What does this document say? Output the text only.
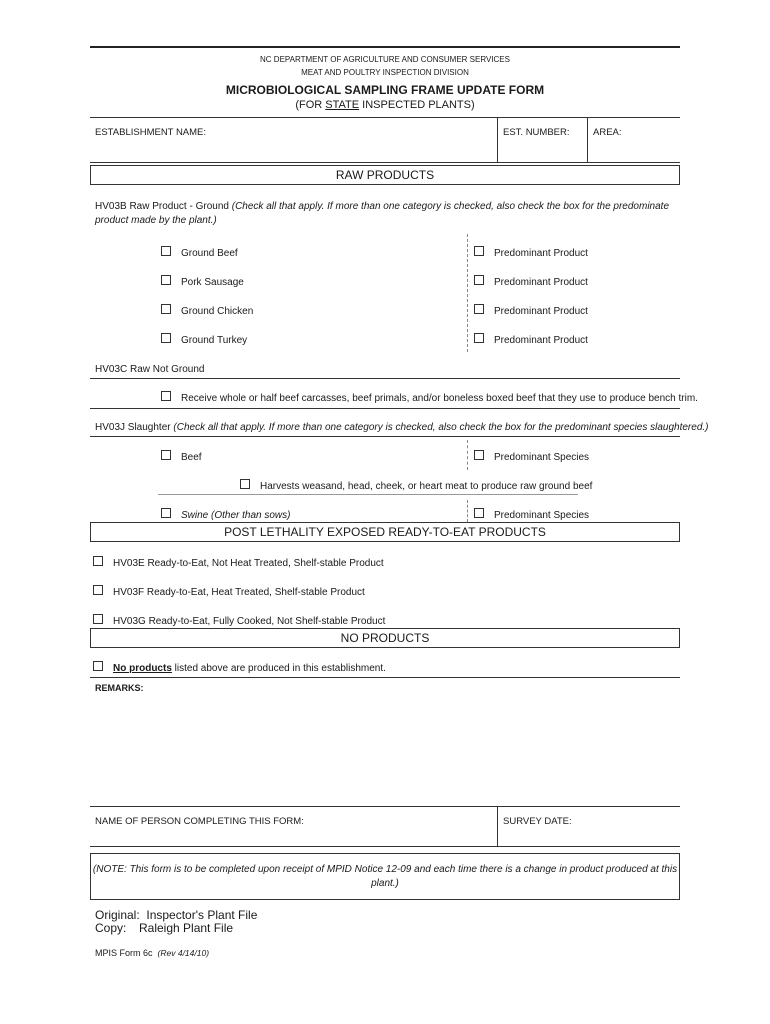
NC DEPARTMENT OF AGRICULTURE AND CONSUMER SERVICES
MEAT AND POULTRY INSPECTION DIVISION
MICROBIOLOGICAL SAMPLING FRAME UPDATE FORM
(FOR STATE INSPECTED PLANTS)
ESTABLISHMENT NAME:	EST. NUMBER: AREA:
RAW PRODUCTS
HV03B Raw Product - Ground (Check all that apply. If more than one category is checked, also check the box for the predominate product made by the plant.)
Ground Beef	Predominant Product
Pork Sausage	Predominant Product
Ground Chicken	Predominant Product
Ground Turkey	Predominant Product
HV03C Raw Not Ground
Receive whole or half beef carcasses, beef primals, and/or boneless boxed beef that they use to produce bench trim.
HV03J Slaughter (Check all that apply. If more than one category is checked, also check the box for the predominant species slaughtered.)
Beef	Predominant Species
Harvests weasand, head, cheek, or heart meat to produce raw ground beef
Swine (Other than sows)	Predominant Species
POST LETHALITY EXPOSED READY-TO-EAT PRODUCTS
HV03E Ready-to-Eat, Not Heat Treated, Shelf-stable Product
HV03F Ready-to-Eat, Heat Treated, Shelf-stable Product
HV03G Ready-to-Eat, Fully Cooked, Not Shelf-stable Product
NO PRODUCTS
No products listed above are produced in this establishment.
REMARKS:
NAME OF PERSON COMPLETING THIS FORM:	SURVEY DATE:
(NOTE: This form is to be completed upon receipt of MPID Notice 12-09 and each time there is a change in product produced at this plant.)
Original: Inspector's Plant File
Copy: Raleigh Plant File
MPIS Form 6c (Rev 4/14/10)
